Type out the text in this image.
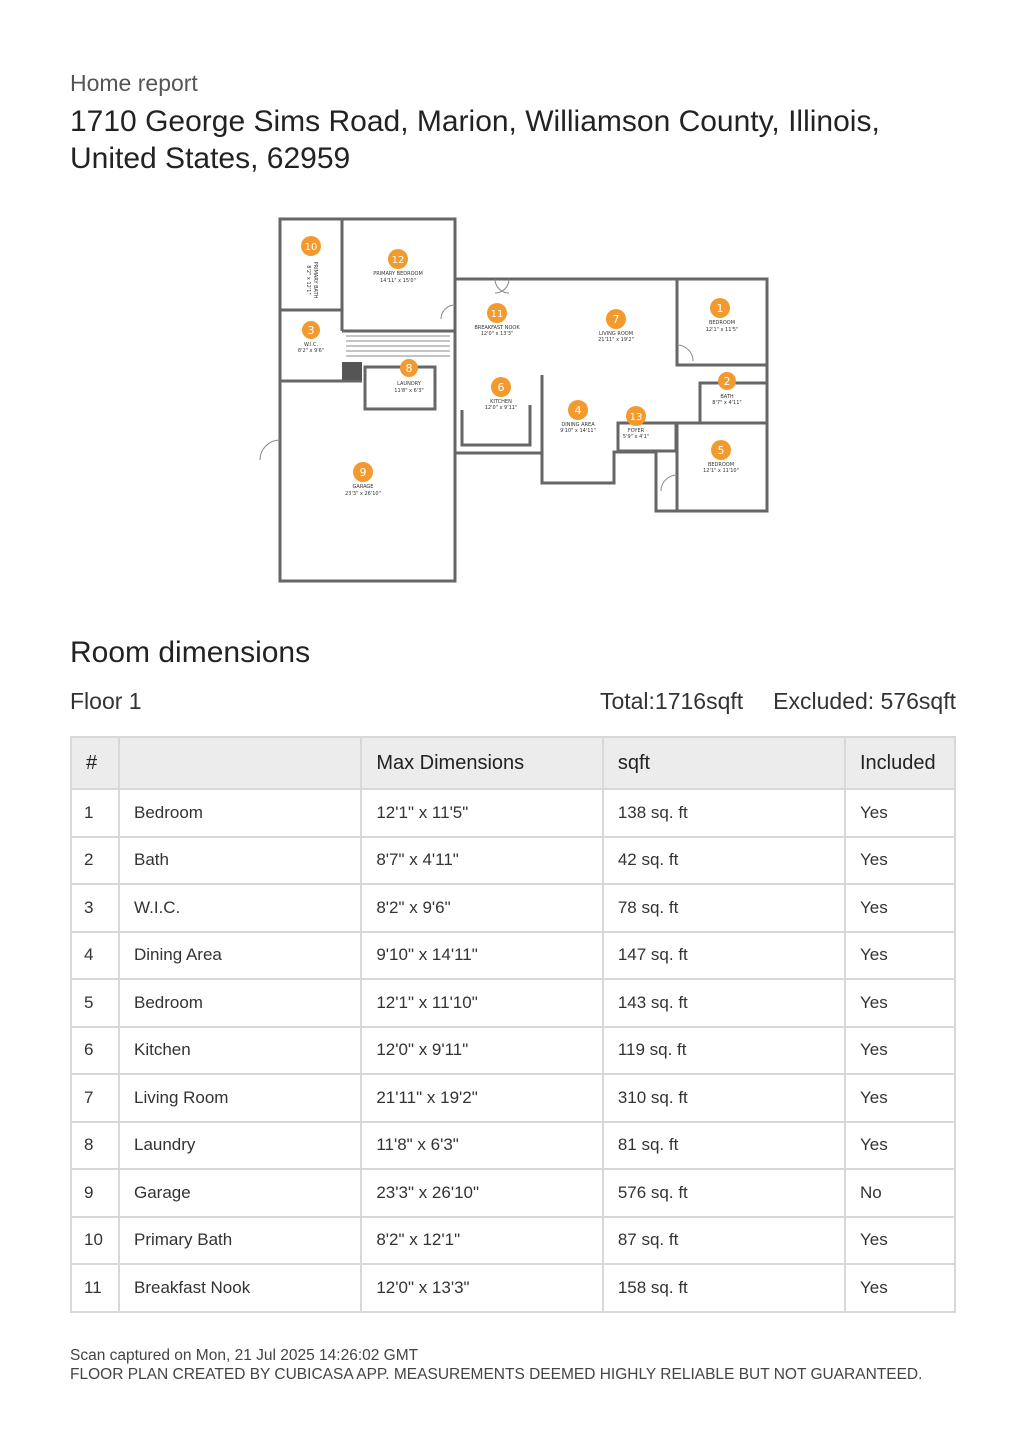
Home report
1710 George Sims Road, Marion, Williamson County, Illinois, United States, 62959
1
BEDROOM
12'1" x 11'5"
2
BATH
8'7" x 4'11"
3
W.I.C.
8'2" x 9'6"
4
DINING AREA
9'10" x 14'11"
5
BEDROOM
12'1" x 11'10"
6
KITCHEN
12'0" x 9'11"
7
LIVING ROOM
21'11" x 19'2"
8
LAUNDRY
11'8" x 6'3"
9
GARAGE
23'3" x 26'10"
10
PRIMARY BATH
8'2" x 12'1"
11
BREAKFAST NOOK
12'0" x 13'3"
12
PRIMARY BEDROOM
14'11" x 15'0"
13
FOYER
5'9" x 4'1"
Room dimensions
Floor 1	Total:1716sqft Excluded: 576sqft
#		Max Dimensions	sqft	Included
1	Bedroom	12'1" x 11'5"	138 sq. ft	Yes
2	Bath	8'7" x 4'11"	42 sq. ft	Yes
3	W.I.C.	8'2" x 9'6"	78 sq. ft	Yes
4	Dining Area	9'10" x 14'11"	147 sq. ft	Yes
5	Bedroom	12'1" x 11'10"	143 sq. ft	Yes
6	Kitchen	12'0" x 9'11"	119 sq. ft	Yes
7	Living Room	21'11" x 19'2"	310 sq. ft	Yes
8	Laundry	11'8" x 6'3"	81 sq. ft	Yes
9	Garage	23'3" x 26'10"	576 sq. ft	No
10	Primary Bath	8'2" x 12'1"	87 sq. ft	Yes
11	Breakfast Nook	12'0" x 13'3"	158 sq. ft	Yes
Scan captured on Mon, 21 Jul 2025 14:26:02 GMT
FLOOR PLAN CREATED BY CUBICASA APP. MEASUREMENTS DEEMED HIGHLY RELIABLE BUT NOT GUARANTEED.
